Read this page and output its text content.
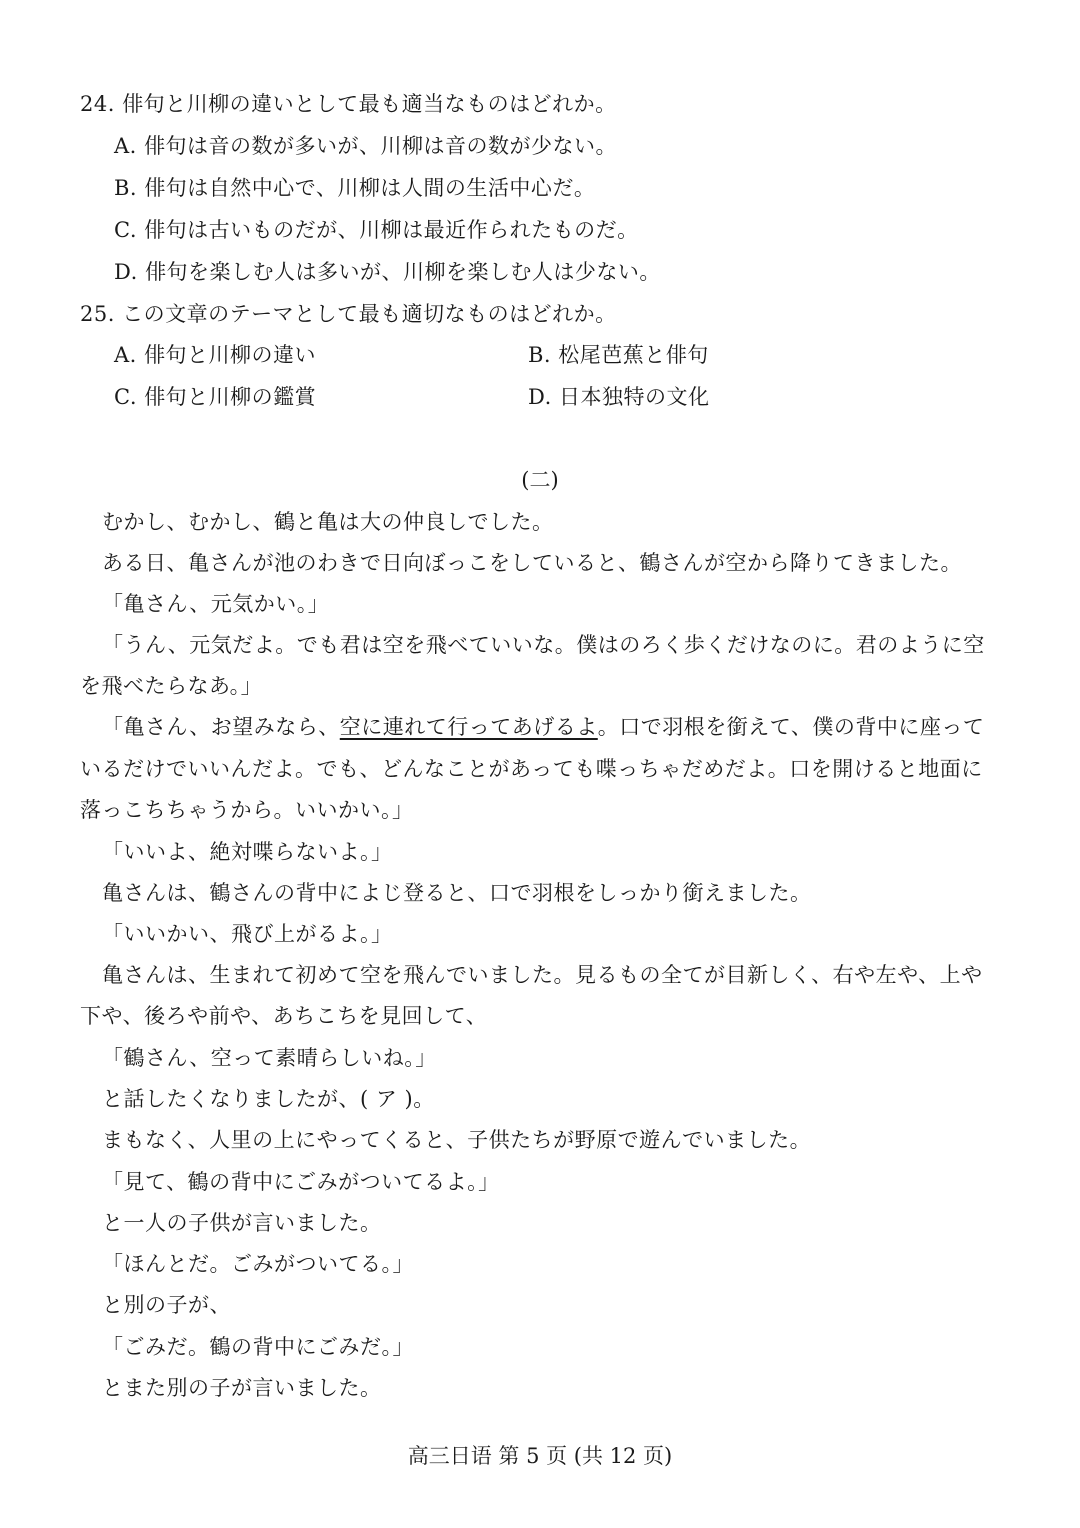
24. 俳句と川柳の違いとして最も適当なものはどれか。
A. 俳句は音の数が多いが、川柳は音の数が少ない。
B. 俳句は自然中心で、川柳は人間の生活中心だ。
C. 俳句は古いものだが、川柳は最近作られたものだ。
D. 俳句を楽しむ人は多いが、川柳を楽しむ人は少ない。
25. この文章のテーマとして最も適切なものはどれか。
A. 俳句と川柳の違い	B. 松尾芭蕉と俳句
C. 俳句と川柳の鑑賞	D. 日本独特の文化
(二)
むかし、むかし、鶴と亀は大の仲良しでした。
ある日、亀さんが池のわきで日向ぼっこをしていると、鶴さんが空から降りてきました。
「亀さん、元気かい。」
「うん、元気だよ。でも君は空を飛べていいな。僕はのろく歩くだけなのに。君のように空
を飛べたらなあ。」
「亀さん、お望みなら、空に連れて行ってあげるよ。口で羽根を銜えて、僕の背中に座って
いるだけでいいんだよ。でも、どんなことがあっても喋っちゃだめだよ。口を開けると地面に
落っこちちゃうから。いいかい。」
「いいよ、絶対喋らないよ。」
亀さんは、鶴さんの背中によじ登ると、口で羽根をしっかり銜えました。
「いいかい、飛び上がるよ。」
亀さんは、生まれて初めて空を飛んでいました。見るもの全てが目新しく、右や左や、上や
下や、後ろや前や、あちこちを見回して、
「鶴さん、空って素晴らしいね。」
と話したくなりましたが、( ア )。
まもなく、人里の上にやってくると、子供たちが野原で遊んでいました。
「見て、鶴の背中にごみがついてるよ。」
と一人の子供が言いました。
「ほんとだ。ごみがついてる。」
と別の子が、
「ごみだ。鶴の背中にごみだ。」
とまた別の子が言いました。
高三日语 第 5 页 (共 12 页)
